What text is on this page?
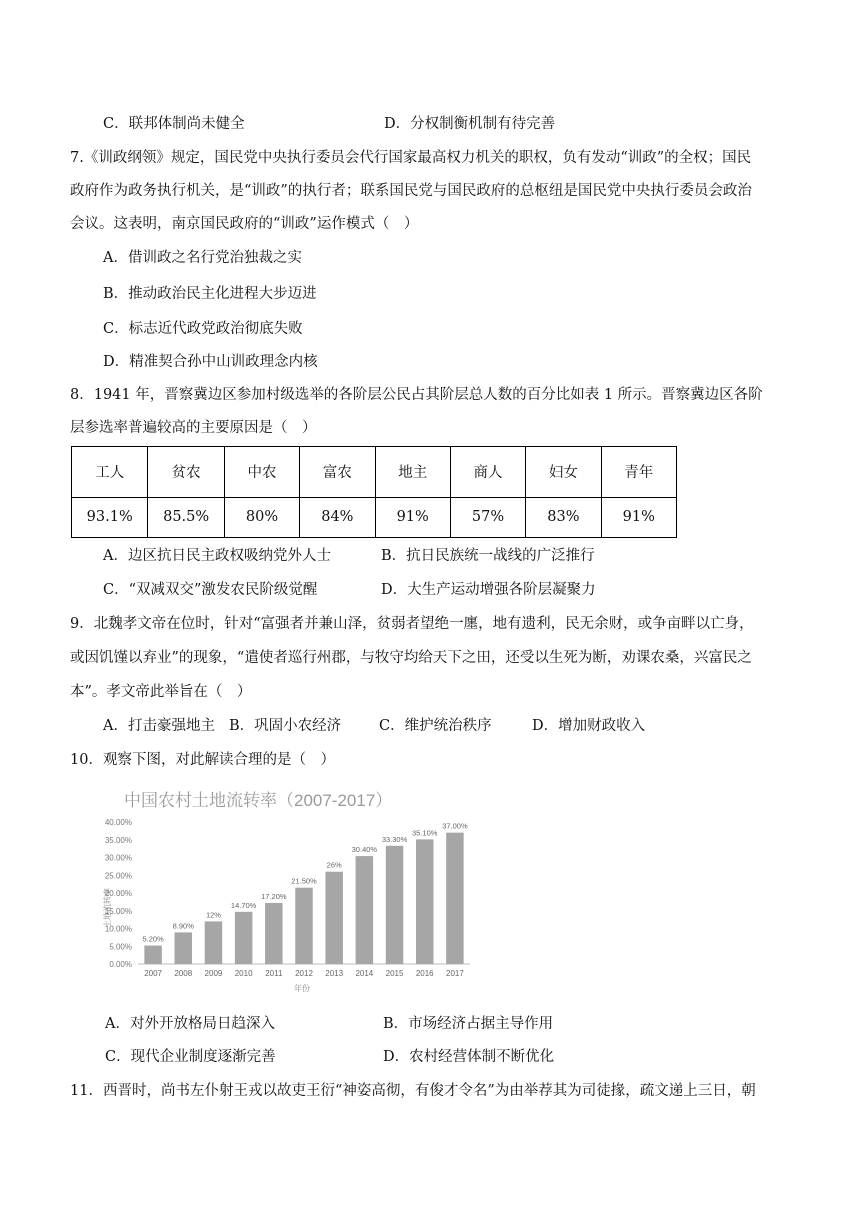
C．联邦体制尚未健全	D．分权制衡机制有待完善
7.《训政纲领》规定，国民党中央执行委员会代行国家最高权力机关的职权，负有发动“训政”的全权；国民
政府作为政务执行机关，是“训政”的执行者；联系国民党与国民政府的总枢纽是国民党中央执行委员会政治
会议。这表明，南京国民政府的“训政”运作模式（　）
A．借训政之名行党治独裁之实
B．推动政治民主化进程大步迈进
C．标志近代政党政治彻底失败
D．精准契合孙中山训政理念内核
8．1941 年，晋察冀边区参加村级选举的各阶层公民占其阶层总人数的百分比如表 1 所示。晋察冀边区各阶
层参选率普遍较高的主要原因是（　）
工人	贫农	中农	富农	地主	商人	妇女	青年
93.1%	85.5%	80%	84%	91%	57%	83%	91%
A．边区抗日民主政权吸纳党外人士	B．抗日民族统一战线的广泛推行
C．“双减双交”激发农民阶级觉醒	D．大生产运动增强各阶层凝聚力
9．北魏孝文帝在位时，针对“富强者并兼山泽，贫弱者望绝一廛，地有遗利，民无余财，或争亩畔以亡身，
或因饥馑以弃业”的现象，“遣使者巡行州郡，与牧守均给天下之田，还受以生死为断，劝课农桑，兴富民之
本”。孝文帝此举旨在（　）
A．打击豪强地主 B．巩固小农经济	C．维护统治秩序	D．增加财政收入
10．观察下图，对此解读合理的是（　）
中国农村土地流转率（2007-2017）
土地流转率
0.00%
5.00%
10.00%
15.00%
20.00%
25.00%
30.00%
35.00%
40.00%
5.20%
8.90%
12%
14.70%
17.20%
21.50%
26%
30.40%
33.30%
35.10%
37.00%
2007 2008 2009 2010 2011 2012 2013 2014 2015 2016 2017
年份
A．对外开放格局日趋深入	B．市场经济占据主导作用
C．现代企业制度逐渐完善	D．农村经营体制不断优化
11．西晋时，尚书左仆射王戎以故吏王衍“神姿高彻，有俊才令名”为由举荐其为司徒掾，疏文递上三日，朝
